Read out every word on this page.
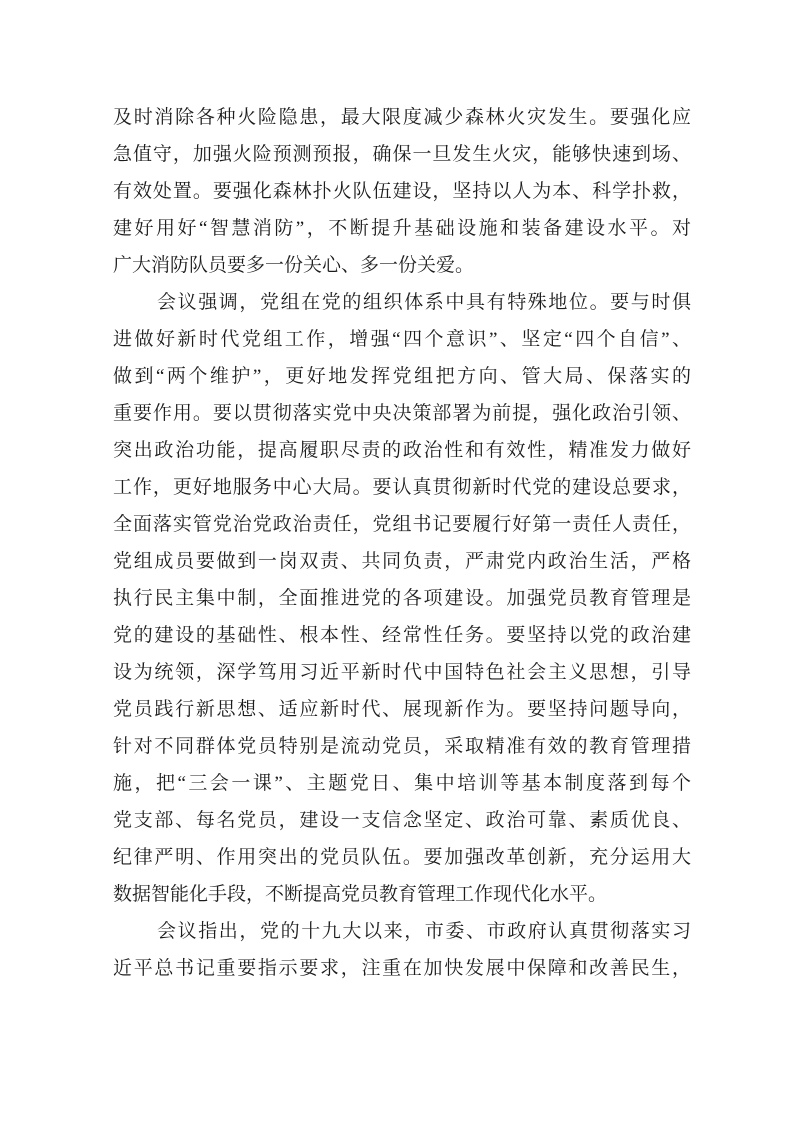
及时消除各种火险隐患，最大限度减少森林火灾发生。要强化应
急值守，加强火险预测预报，确保一旦发生火灾，能够快速到场、
有效处置。要强化森林扑火队伍建设，坚持以人为本、科学扑救，
建好用好“智慧消防”，不断提升基础设施和装备建设水平。对
广大消防队员要多一份关心、多一份关爱。
会议强调，党组在党的组织体系中具有特殊地位。要与时俱
进做好新时代党组工作，增强“四个意识”、坚定“四个自信”、
做到“两个维护”，更好地发挥党组把方向、管大局、保落实的
重要作用。要以贯彻落实党中央决策部署为前提，强化政治引领、
突出政治功能，提高履职尽责的政治性和有效性，精准发力做好
工作，更好地服务中心大局。要认真贯彻新时代党的建设总要求，
全面落实管党治党政治责任，党组书记要履行好第一责任人责任，
党组成员要做到一岗双责、共同负责，严肃党内政治生活，严格
执行民主集中制，全面推进党的各项建设。加强党员教育管理是
党的建设的基础性、根本性、经常性任务。要坚持以党的政治建
设为统领，深学笃用习近平新时代中国特色社会主义思想，引导
党员践行新思想、适应新时代、展现新作为。要坚持问题导向，
针对不同群体党员特别是流动党员，采取精准有效的教育管理措
施，把“三会一课”、主题党日、集中培训等基本制度落到每个
党支部、每名党员，建设一支信念坚定、政治可靠、素质优良、
纪律严明、作用突出的党员队伍。要加强改革创新，充分运用大
数据智能化手段，不断提高党员教育管理工作现代化水平。
会议指出，党的十九大以来，市委、市政府认真贯彻落实习
近平总书记重要指示要求，注重在加快发展中保障和改善民生，
